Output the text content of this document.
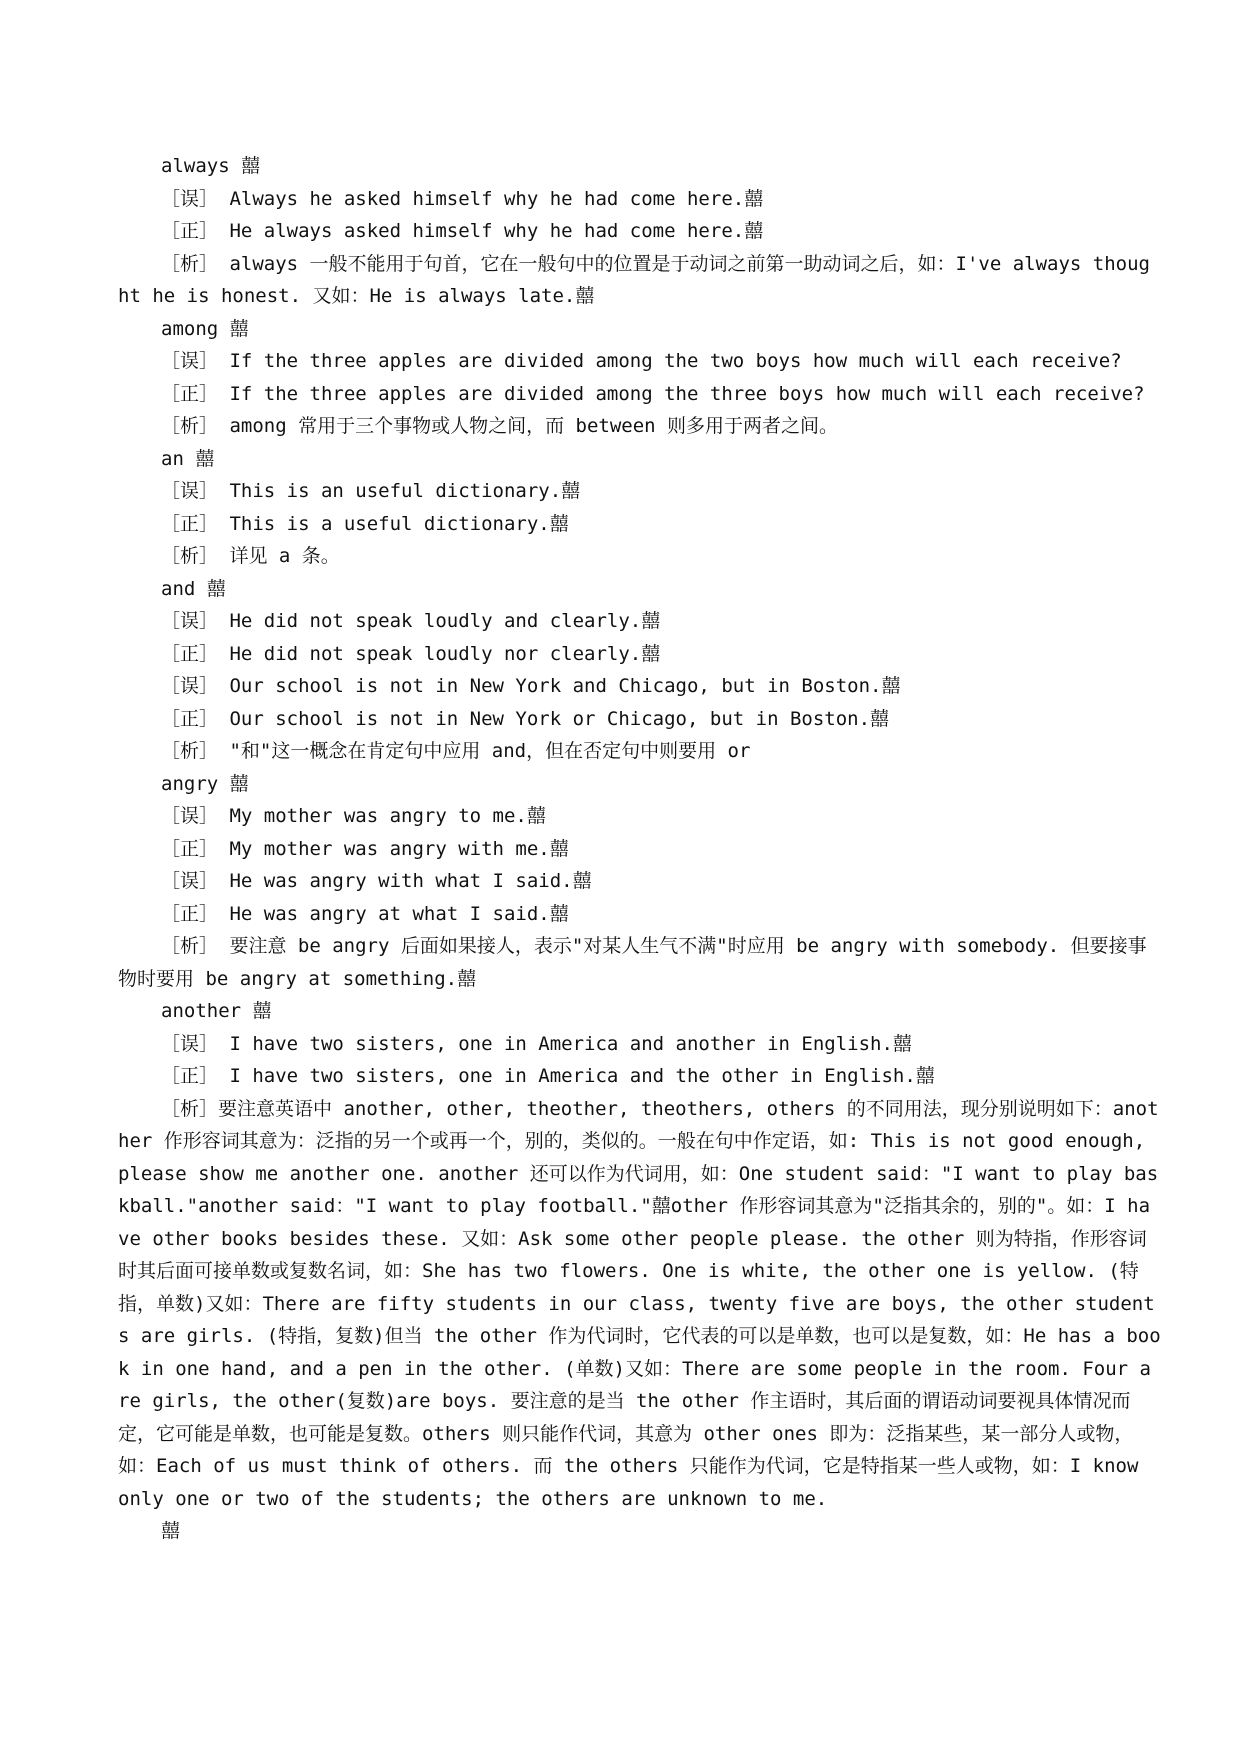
always 囍
［误］ Always he asked himself why he had come here.囍
［正］ He always asked himself why he had come here.囍
［析］ always 一般不能用于句首，它在一般句中的位置是于动词之前第一助动词之后，如：I've always thought he is honest. 又如：He is always late.囍
among 囍
［误］ If the three apples are divided among the two boys how much will each receive?
［正］ If the three apples are divided among the three boys how much will each receive?
［析］ among 常用于三个事物或人物之间，而 between 则多用于两者之间。
an 囍
［误］ This is an useful dictionary.囍
［正］ This is a useful dictionary.囍
［析］ 详见 a 条。
and 囍
［误］ He did not speak loudly and clearly.囍
［正］ He did not speak loudly nor clearly.囍
［误］ Our school is not in New York and Chicago, but in Boston.囍
［正］ Our school is not in New York or Chicago, but in Boston.囍
［析］ "和"这一概念在肯定句中应用 and，但在否定句中则要用 or
angry 囍
［误］ My mother was angry to me.囍
［正］ My mother was angry with me.囍
［误］ He was angry with what I said.囍
［正］ He was angry at what I said.囍
［析］ 要注意 be angry 后面如果接人，表示"对某人生气不满"时应用 be angry with somebody. 但要接事物时要用 be angry at something.囍
another 囍
［误］ I have two sisters, one in America and another in English.囍
［正］ I have two sisters, one in America and the other in English.囍
［析］要注意英语中 another, other, theother, theothers, others 的不同用法，现分别说明如下：another 作形容词其意为：泛指的另一个或再一个，别的，类似的。一般在句中作定语，如: This is not good enough, please show me another one. another 还可以作为代词用，如：One student said："I want to play baskball."another said："I want to play football."囍other 作形容词其意为"泛指其余的，别的"。如：I have other books besides these. 又如：Ask some other people please. the other 则为特指，作形容词时其后面可接单数或复数名词，如：She has two flowers. One is white, the other one is yellow. (特指，单数)又如：There are fifty students in our class, twenty five are boys, the other students are girls. (特指，复数)但当 the other 作为代词时，它代表的可以是单数，也可以是复数，如：He has a book in one hand, and a pen in the other. (单数)又如：There are some people in the room. Four are girls, the other(复数)are boys. 要注意的是当 the other 作主语时，其后面的谓语动词要视具体情况而定，它可能是单数，也可能是复数。others 则只能作代词，其意为 other ones 即为：泛指某些，某一部分人或物，如：Each of us must think of others. 而 the others 只能作为代词，它是特指某一些人或物，如：I know only one or two of the students; the others are unknown to me.
囍
